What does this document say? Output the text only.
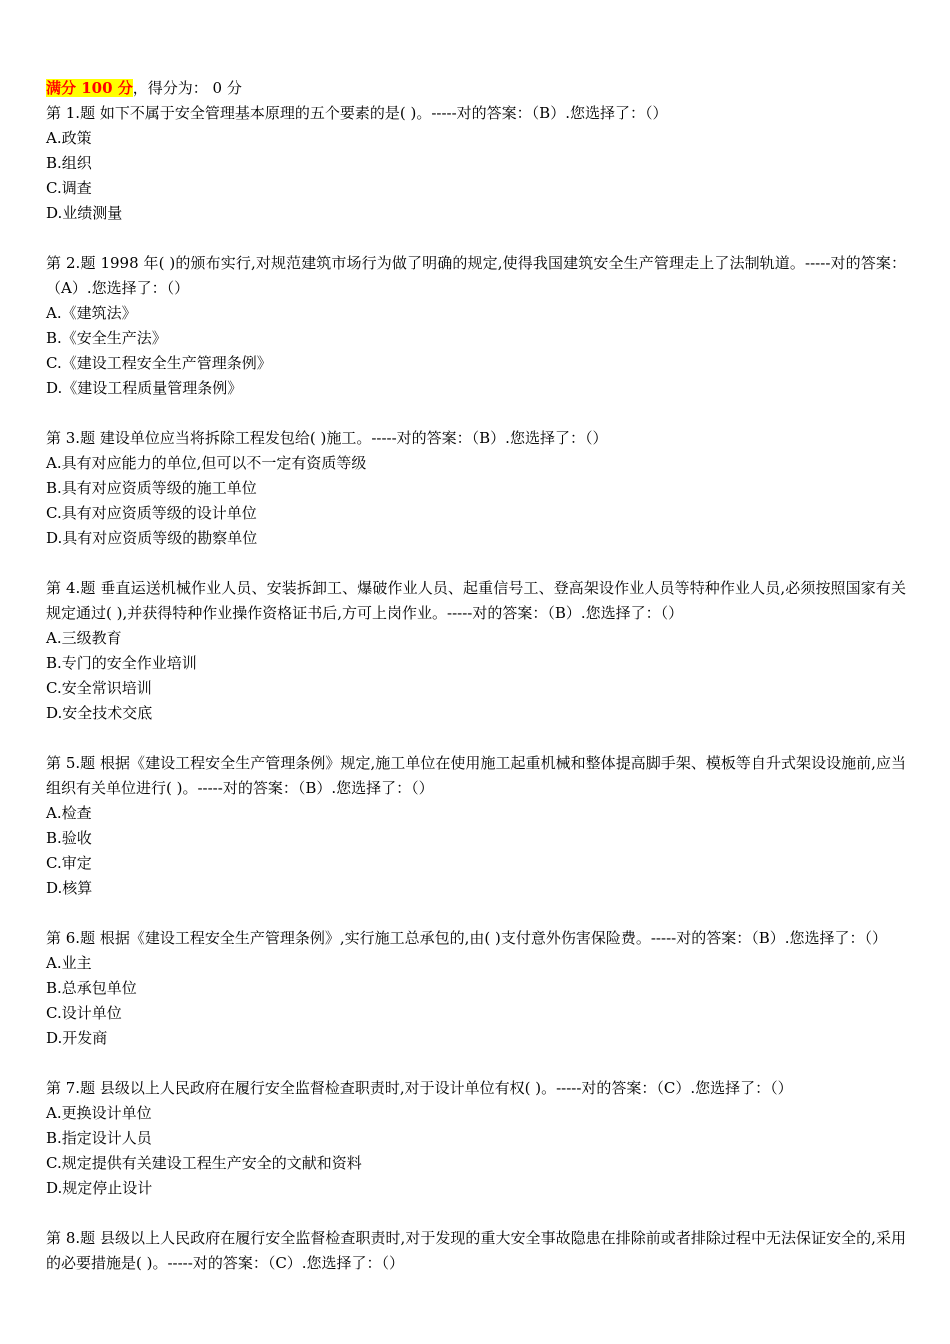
满分 100 分，得分为： 0 分
第 1.题 如下不属于安全管理基本原理的五个要素的是( )。-----对的答案：（B）.您选择了：（）
A.政策
B.组织
C.调查
D.业绩测量
第 2.题 1998 年( )的颁布实行,对规范建筑市场行为做了明确的规定,使得我国建筑安全生产管理走上了法制轨道。-----对的答案：（A）.您选择了：（）
A.《建筑法》
B.《安全生产法》
C.《建设工程安全生产管理条例》
D.《建设工程质量管理条例》
第 3.题 建设单位应当将拆除工程发包给( )施工。-----对的答案：（B）.您选择了：（）
A.具有对应能力的单位,但可以不一定有资质等级
B.具有对应资质等级的施工单位
C.具有对应资质等级的设计单位
D.具有对应资质等级的勘察单位
第 4.题 垂直运送机械作业人员、安装拆卸工、爆破作业人员、起重信号工、登高架设作业人员等特种作业人员,必须按照国家有关规定通过( ),并获得特种作业操作资格证书后,方可上岗作业。-----对的答案：（B）.您选择了：（）
A.三级教育
B.专门的安全作业培训
C.安全常识培训
D.安全技术交底
第 5.题 根据《建设工程安全生产管理条例》规定,施工单位在使用施工起重机械和整体提高脚手架、模板等自升式架设设施前,应当组织有关单位进行( )。-----对的答案：（B）.您选择了：（）
A.检查
B.验收
C.审定
D.核算
第 6.题 根据《建设工程安全生产管理条例》,实行施工总承包的,由( )支付意外伤害保险费。-----对的答案：（B）.您选择了：（）
A.业主
B.总承包单位
C.设计单位
D.开发商
第 7.题 县级以上人民政府在履行安全监督检查职责时,对于设计单位有权( )。-----对的答案：（C）.您选择了：（）
A.更换设计单位
B.指定设计人员
C.规定提供有关建设工程生产安全的文献和资料
D.规定停止设计
第 8.题 县级以上人民政府在履行安全监督检查职责时,对于发现的重大安全事故隐患在排除前或者排除过程中无法保证安全的,采用的必要措施是( )。-----对的答案：（C）.您选择了：（）
